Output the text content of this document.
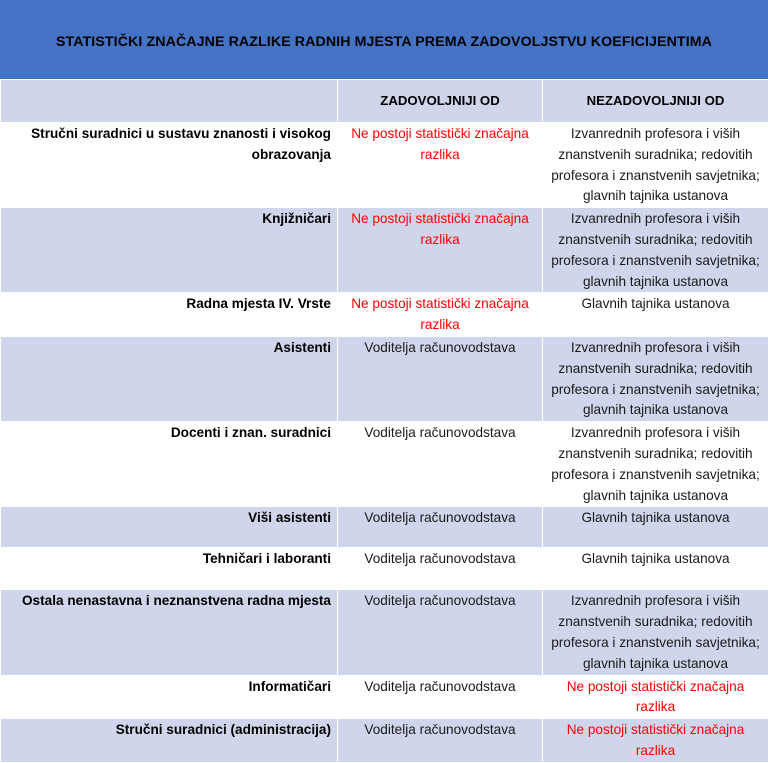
STATISTIČKI ZNAČAJNE RAZLIKE RADNIH MJESTA PREMA ZADOVOLJSTVU KOEFICIJENTIMA
	ZADOVOLJNIJI OD	NEZADOVOLJNIJI OD
Stručni suradnici u sustavu znanosti i visokog obrazovanja	Ne postoji statistički značajna razlika	Izvanrednih profesora i viših znanstvenih suradnika; redovitih profesora i znanstvenih savjetnika; glavnih tajnika ustanova
Knjižničari	Ne postoji statistički značajna razlika	Izvanrednih profesora i viših znanstvenih suradnika; redovitih profesora i znanstvenih savjetnika; glavnih tajnika ustanova
Radna mjesta IV. Vrste	Ne postoji statistički značajna razlika	Glavnih tajnika ustanova
Asistenti	Voditelja računovodstava	Izvanrednih profesora i viših znanstvenih suradnika; redovitih profesora i znanstvenih savjetnika; glavnih tajnika ustanova
Docenti i znan. suradnici	Voditelja računovodstava	Izvanrednih profesora i viših znanstvenih suradnika; redovitih profesora i znanstvenih savjetnika; glavnih tajnika ustanova
Viši asistenti	Voditelja računovodstava	Glavnih tajnika ustanova
Tehničari i laboranti	Voditelja računovodstava	Glavnih tajnika ustanova
Ostala nenastavna i neznanstvena radna mjesta	Voditelja računovodstava	Izvanrednih profesora i viših znanstvenih suradnika; redovitih profesora i znanstvenih savjetnika; glavnih tajnika ustanova
Informatičari	Voditelja računovodstava	Ne postoji statistički značajna razlika
Stručni suradnici (administracija)	Voditelja računovodstava	Ne postoji statistički značajna razlika
